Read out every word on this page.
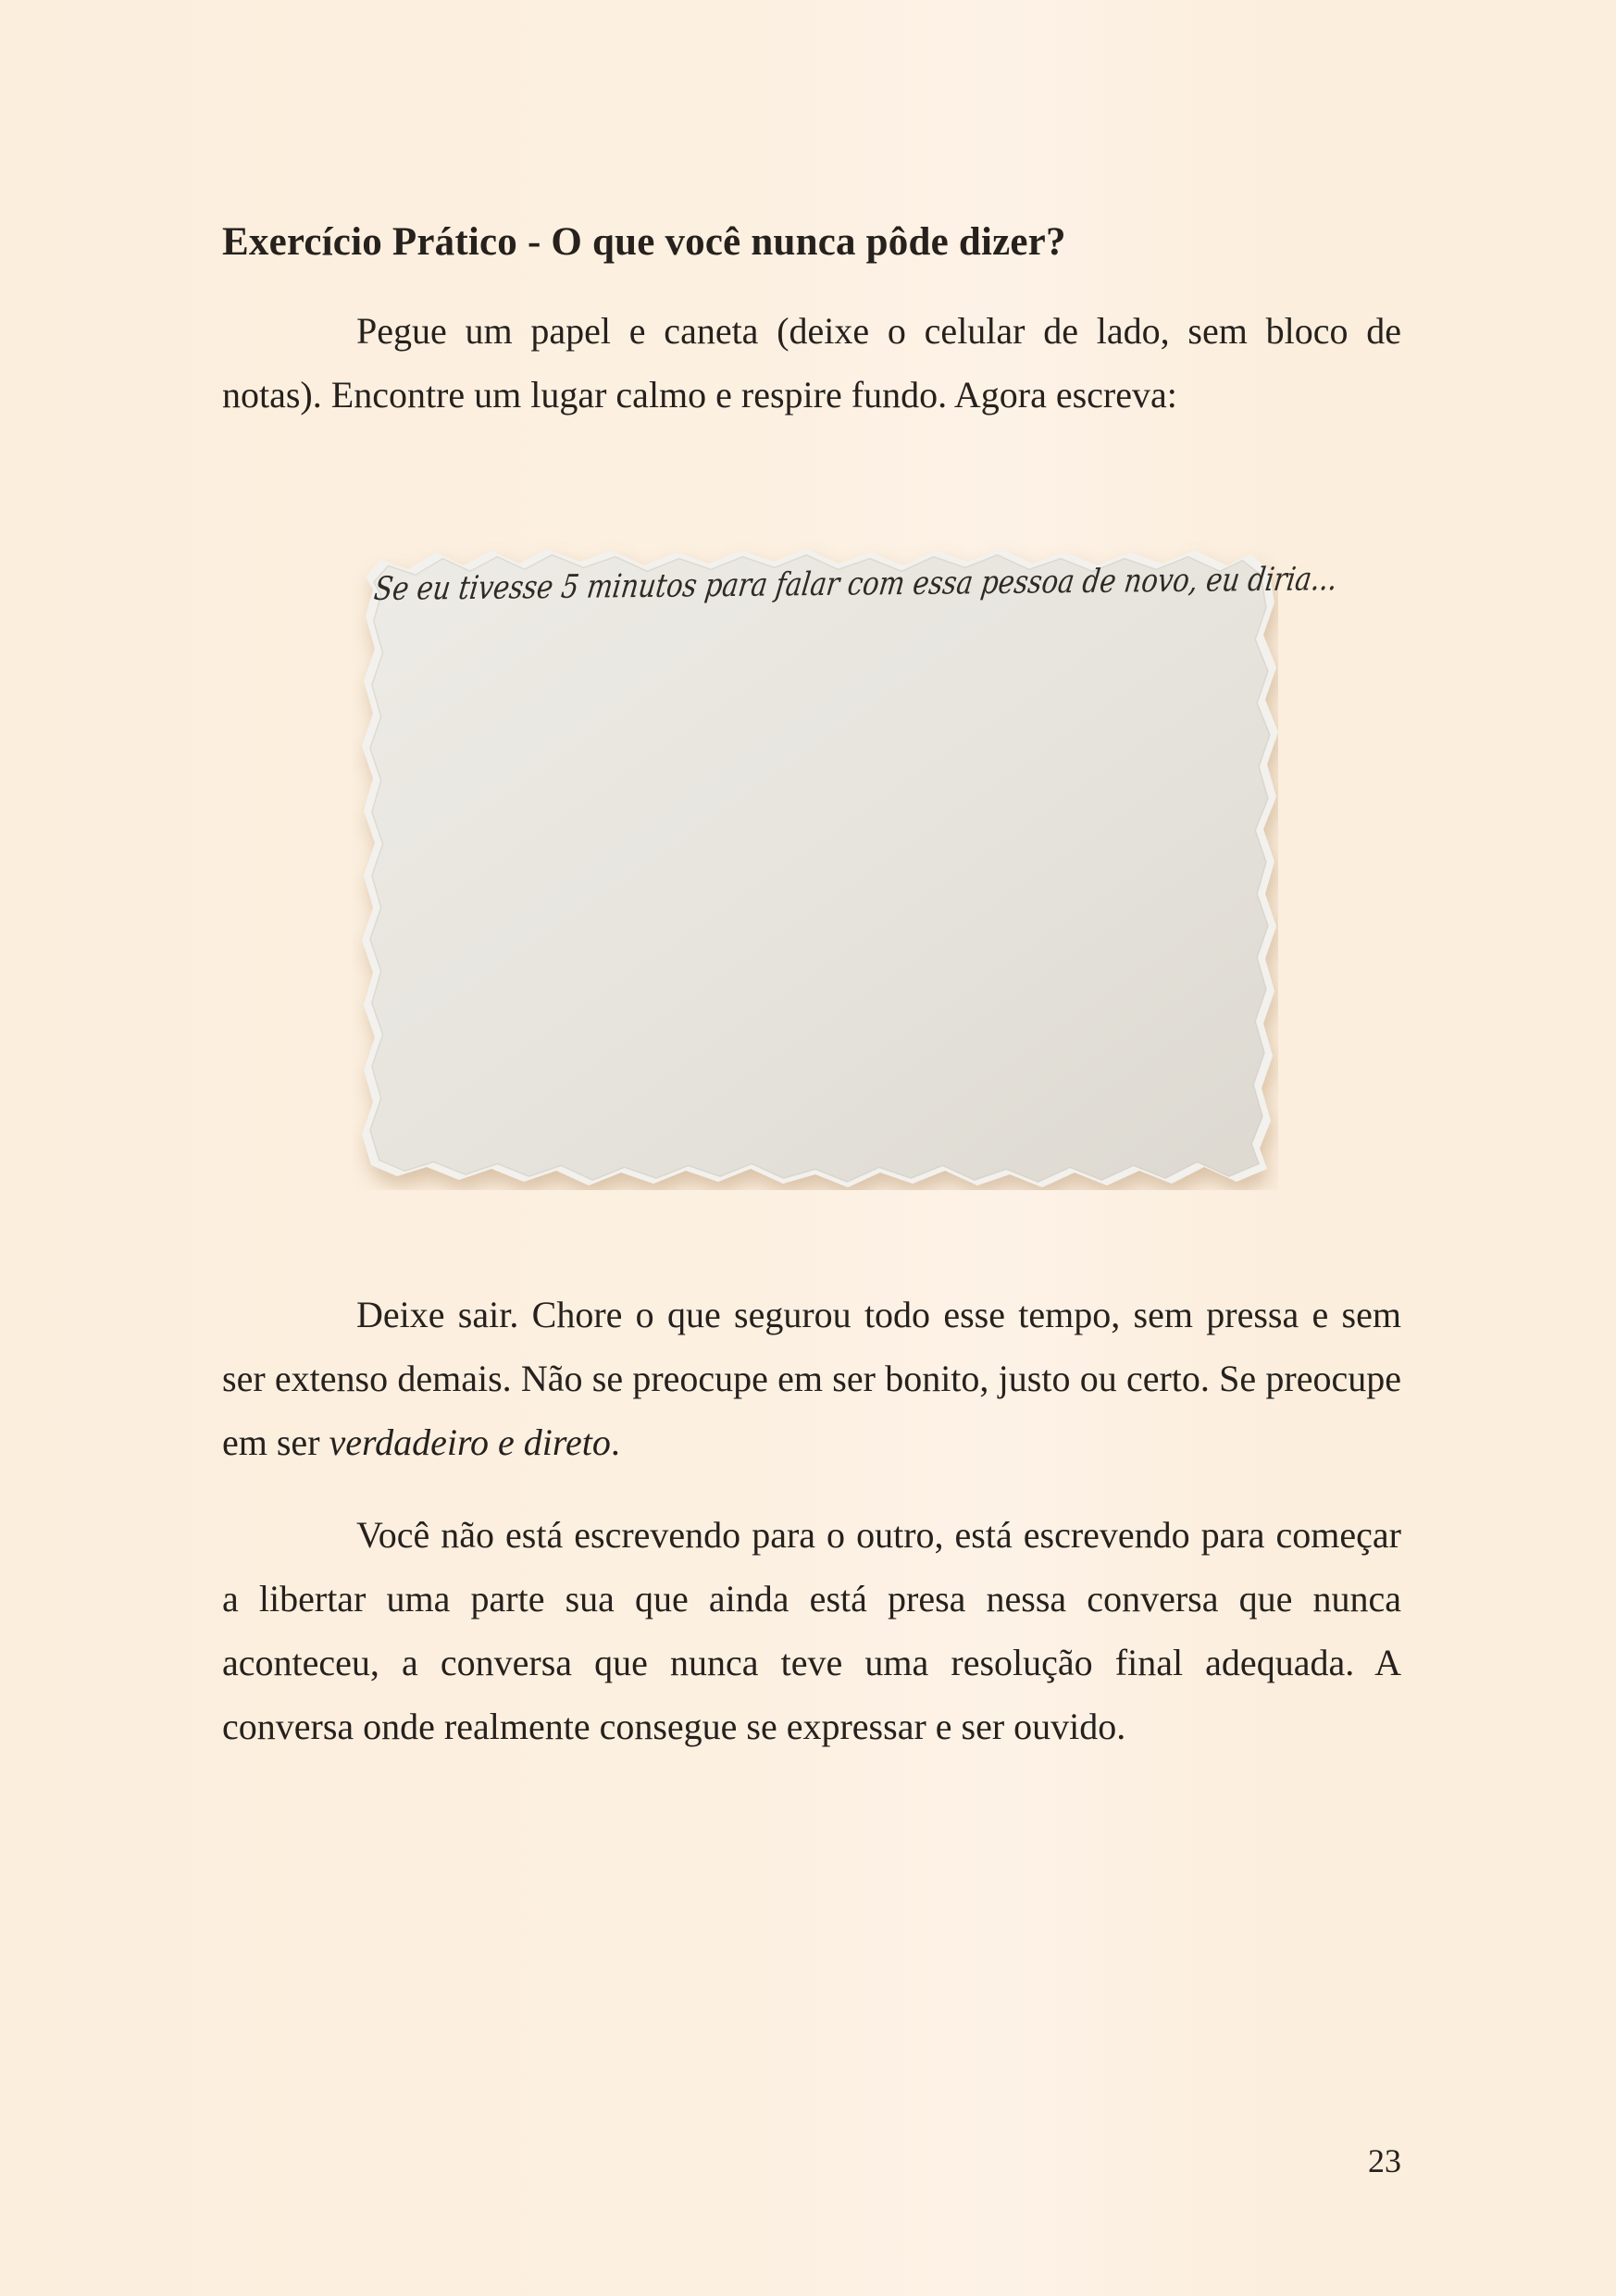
Exercício Prático - O que você nunca pôde dizer?

Pegue um papel e caneta (deixe o celular de lado, sem bloco de notas). Encontre um lugar calmo e respire fundo. Agora escreva:

Se eu tivesse 5 minutos para falar com essa pessoa de novo, eu diria...

Deixe sair. Chore o que segurou todo esse tempo, sem pressa e sem ser extenso demais. Não se preocupe em ser bonito, justo ou certo. Se preocupe em ser verdadeiro e direto.

Você não está escrevendo para o outro, está escrevendo para começar a libertar uma parte sua que ainda está presa nessa conversa que nunca aconteceu, a conversa que nunca teve uma resolução final adequada. A conversa onde realmente consegue se expressar e ser ouvido.

23
